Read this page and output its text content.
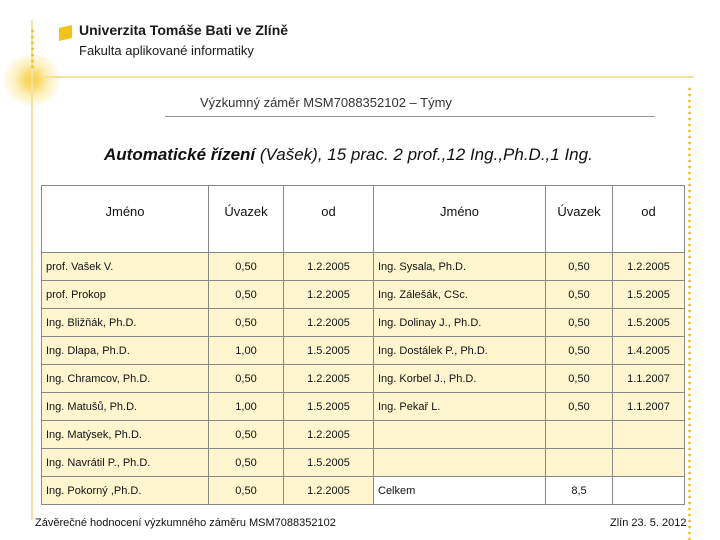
Univerzita Tomáše Bati ve Zlíně
Fakulta aplikované informatiky
Výzkumný záměr MSM7088352102 – Týmy
Automatické řízení (Vašek), 15 prac. 2 prof.,12 Ing.,Ph.D.,1 Ing.
Jméno	Úvazek	od	Jméno	Úvazek	od
prof. Vašek V.	0,50	1.2.2005	Ing. Sysala, Ph.D.	0,50	1.2.2005
prof. Prokop	0,50	1.2.2005	Ing. Zálešák, CSc.	0,50	1.5.2005
Ing. Bližňák, Ph.D.	0,50	1.2.2005	Ing. Dolinay J., Ph.D.	0,50	1.5.2005
Ing. Dlapa, Ph.D.	1,00	1.5.2005	Ing. Dostálek P., Ph.D.	0,50	1.4.2005
Ing. Chramcov, Ph.D.	0,50	1.2.2005	Ing. Korbel J., Ph.D.	0,50	1.1.2007
Ing. Matušů, Ph.D.	1,00	1.5.2005	Ing. Pekař L.	0,50	1.1.2007
Ing. Matýsek, Ph.D.	0,50	1.2.2005			
Ing. Navrátil P., Ph.D.	0,50	1.5.2005			
Ing. Pokorný ,Ph.D.	0,50	1.2.2005	Celkem	8,5	
Závěrečné hodnocení výzkumného záměru MSM7088352102	Zlín 23. 5. 2012
